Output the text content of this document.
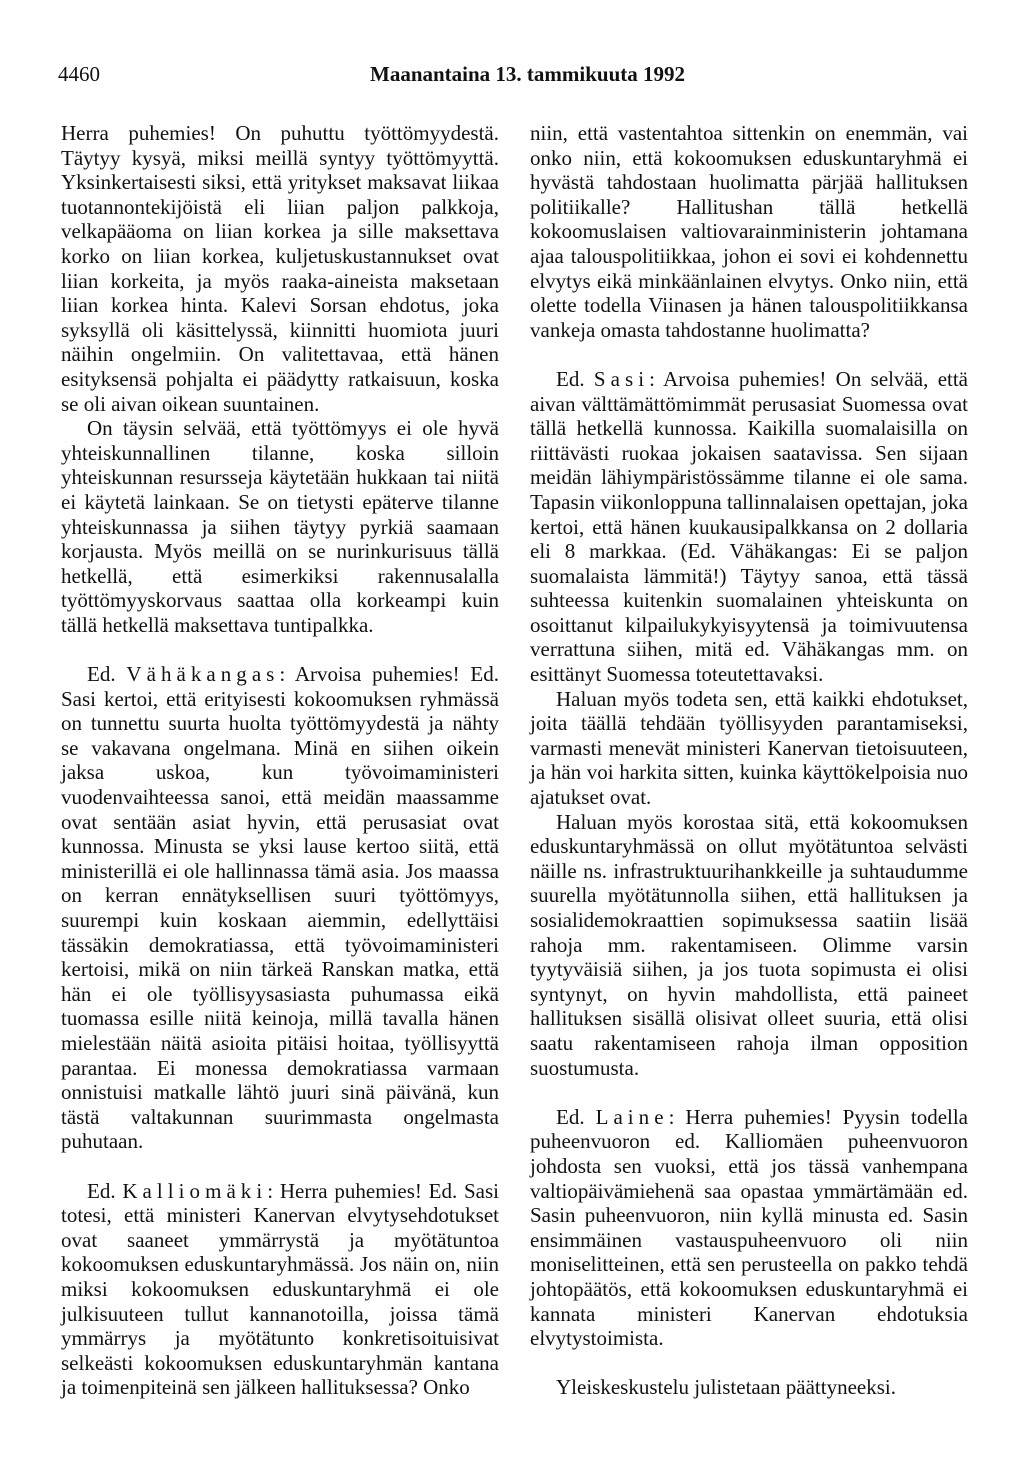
4460	Maanantaina 13. tammikuuta 1992

Herra puhemies! On puhuttu työttömyydestä. Täytyy kysyä, miksi meillä syntyy työttömyyttä. Yksinkertaisesti siksi, että yritykset maksavat liikaa tuotannontekijöistä eli liian paljon palkkoja, velkapääoma on liian korkea ja sille maksettava korko on liian korkea, kuljetuskustannukset ovat liian korkeita, ja myös raaka-aineista maksetaan liian korkea hinta. Kalevi Sorsan ehdotus, joka syksyllä oli käsittelyssä, kiinnitti huomiota juuri näihin ongelmiin. On valitettavaa, että hänen esityksensä pohjalta ei päädytty ratkaisuun, koska se oli aivan oikean suuntainen.

On täysin selvää, että työttömyys ei ole hyvä yhteiskunnallinen tilanne, koska silloin yhteiskunnan resursseja käytetään hukkaan tai niitä ei käytetä lainkaan. Se on tietysti epäterve tilanne yhteiskunnassa ja siihen täytyy pyrkiä saamaan korjausta. Myös meillä on se nurinkurisuus tällä hetkellä, että esimerkiksi rakennusalalla työttömyyskorvaus saattaa olla korkeampi kuin tällä hetkellä maksettava tuntipalkka.

Ed. Vähäkangas: Arvoisa puhemies! Ed. Sasi kertoi, että erityisesti kokoomuksen ryhmässä on tunnettu suurta huolta työttömyydestä ja nähty se vakavana ongelmana. Minä en siihen oikein jaksa uskoa, kun työvoimaministeri vuodenvaihteessa sanoi, että meidän maassamme ovat sentään asiat hyvin, että perusasiat ovat kunnossa. Minusta se yksi lause kertoo siitä, että ministerillä ei ole hallinnassa tämä asia. Jos maassa on kerran ennätyksellisen suuri työttömyys, suurempi kuin koskaan aiemmin, edellyttäisi tässäkin demokratiassa, että työvoimaministeri kertoisi, mikä on niin tärkeä Ranskan matka, että hän ei ole työllisyysasiasta puhumassa eikä tuomassa esille niitä keinoja, millä tavalla hänen mielestään näitä asioita pitäisi hoitaa, työllisyyttä parantaa. Ei monessa demokratiassa varmaan onnistuisi matkalle lähtö juuri sinä päivänä, kun tästä valtakunnan suurimmasta ongelmasta puhutaan.

Ed. Kalliomäki: Herra puhemies! Ed. Sasi totesi, että ministeri Kanervan elvytysehdotukset ovat saaneet ymmärrystä ja myötätuntoa kokoomuksen eduskuntaryhmässä. Jos näin on, niin miksi kokoomuksen eduskuntaryhmä ei ole julkisuuteen tullut kannanotoilla, joissa tämä ymmärrys ja myötätunto konkretisoituisivat selkeästi kokoomuksen eduskuntaryhmän kantana ja toimenpiteinä sen jälkeen hallituksessa? Onko

niin, että vastentahtoa sittenkin on enemmän, vai onko niin, että kokoomuksen eduskuntaryhmä ei hyvästä tahdostaan huolimatta pärjää hallituksen politiikalle? Hallitushan tällä hetkellä kokoomuslaisen valtiovarainministerin johtamana ajaa talouspolitiikkaa, johon ei sovi ei kohdennettu elvytys eikä minkäänlainen elvytys. Onko niin, että olette todella Viinasen ja hänen talouspolitiikkansa vankeja omasta tahdostanne huolimatta?

Ed. Sasi: Arvoisa puhemies! On selvää, että aivan välttämättömimmät perusasiat Suomessa ovat tällä hetkellä kunnossa. Kaikilla suomalaisilla on riittävästi ruokaa jokaisen saatavissa. Sen sijaan meidän lähiympäristössämme tilanne ei ole sama. Tapasin viikonloppuna tallinnalaisen opettajan, joka kertoi, että hänen kuukausipalkkansa on 2 dollaria eli 8 markkaa. (Ed. Vähäkangas: Ei se paljon suomalaista lämmitä!) Täytyy sanoa, että tässä suhteessa kuitenkin suomalainen yhteiskunta on osoittanut kilpailukykyisyytensä ja toimivuutensa verrattuna siihen, mitä ed. Vähäkangas mm. on esittänyt Suomessa toteutettavaksi.

Haluan myös todeta sen, että kaikki ehdotukset, joita täällä tehdään työllisyyden parantamiseksi, varmasti menevät ministeri Kanervan tietoisuuteen, ja hän voi harkita sitten, kuinka käyttökelpoisia nuo ajatukset ovat.

Haluan myös korostaa sitä, että kokoomuksen eduskuntaryhmässä on ollut myötätuntoa selvästi näille ns. infrastruktuurihankkeille ja suhtaudumme suurella myötätunnolla siihen, että hallituksen ja sosialidemokraattien sopimuksessa saatiin lisää rahoja mm. rakentamiseen. Olimme varsin tyytyväisiä siihen, ja jos tuota sopimusta ei olisi syntynyt, on hyvin mahdollista, että paineet hallituksen sisällä olisivat olleet suuria, että olisi saatu rakentamiseen rahoja ilman opposition suostumusta.

Ed. Laine: Herra puhemies! Pyysin todella puheenvuoron ed. Kalliomäen puheenvuoron johdosta sen vuoksi, että jos tässä vanhempana valtiopäivämiehenä saa opastaa ymmärtämään ed. Sasin puheenvuoron, niin kyllä minusta ed. Sasin ensimmäinen vastauspuheenvuoro oli niin moniselitteinen, että sen perusteella on pakko tehdä johtopäätös, että kokoomuksen eduskuntaryhmä ei kannata ministeri Kanervan ehdotuksia elvytystoimista.

Yleiskeskustelu julistetaan päättyneeksi.
